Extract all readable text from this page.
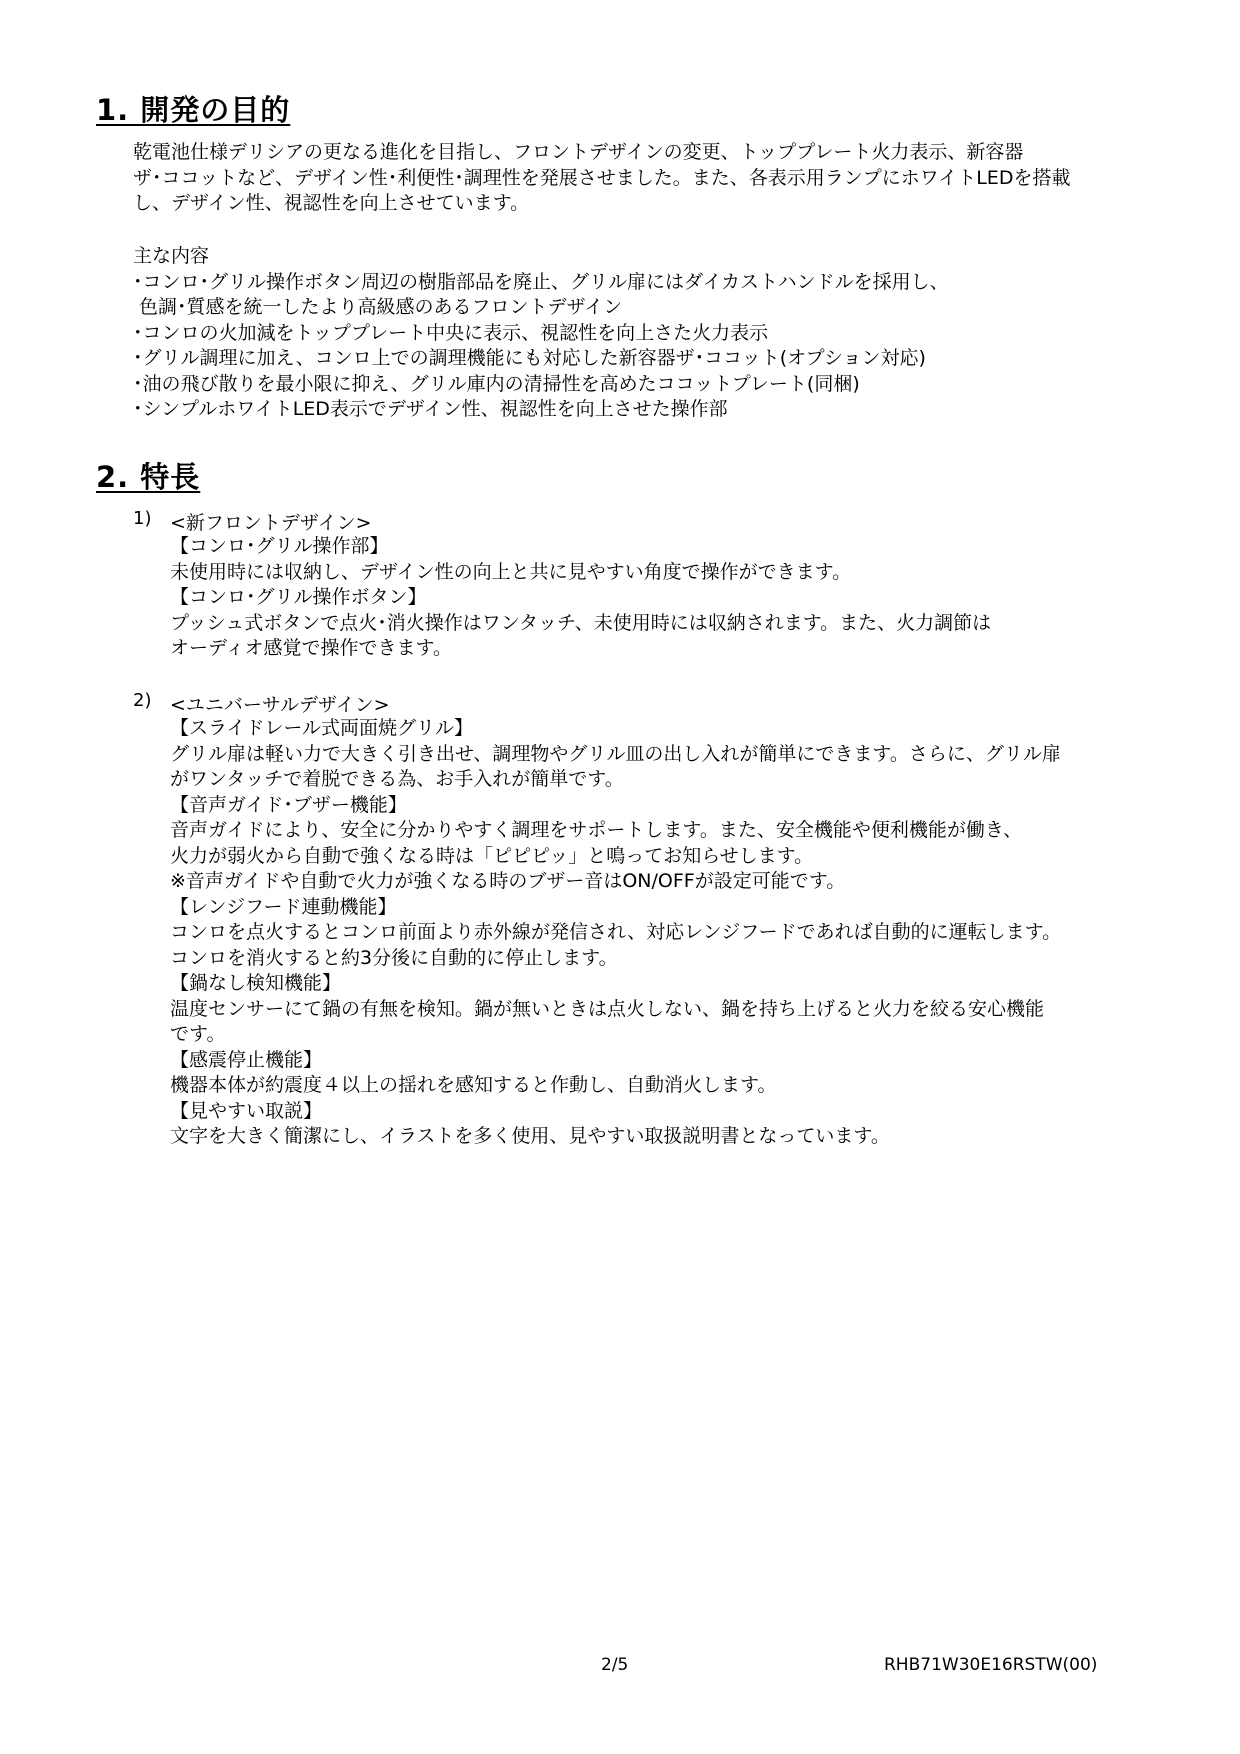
1. 開発の目的
乾電池仕様デリシアの更なる進化を目指し、フロントデザインの変更、トッププレート火力表示、新容器
ザ･ココットなど、デザイン性･利便性･調理性を発展させました。また、各表示用ランプにホワイトLEDを搭載
し、デザイン性、視認性を向上させています。
主な内容
･コンロ･グリル操作ボタン周辺の樹脂部品を廃止、グリル扉にはダイカストハンドルを採用し、
色調･質感を統一したより高級感のあるフロントデザイン
･コンロの火加減をトッププレート中央に表示、視認性を向上さた火力表示
･グリル調理に加え、コンロ上での調理機能にも対応した新容器ザ･ココット(オプション対応)
･油の飛び散りを最小限に抑え、グリル庫内の清掃性を高めたココットプレート(同梱)
･シンプルホワイトLED表示でデザイン性、視認性を向上させた操作部
2. 特長
1) <新フロントデザイン>
【コンロ･グリル操作部】
未使用時には収納し、デザイン性の向上と共に見やすい角度で操作ができます。
【コンロ･グリル操作ボタン】
プッシュ式ボタンで点火･消火操作はワンタッチ、未使用時には収納されます。また、火力調節は
オーディオ感覚で操作できます。
2) <ユニバーサルデザイン>
【スライドレール式両面焼グリル】
グリル扉は軽い力で大きく引き出せ、調理物やグリル皿の出し入れが簡単にできます。さらに、グリル扉
がワンタッチで着脱できる為、お手入れが簡単です。
【音声ガイド･ブザー機能】
音声ガイドにより、安全に分かりやすく調理をサポートします。また、安全機能や便利機能が働き、
火力が弱火から自動で強くなる時は「ピピピッ」と鳴ってお知らせします。
※音声ガイドや自動で火力が強くなる時のブザー音はON/OFFが設定可能です。
【レンジフード連動機能】
コンロを点火するとコンロ前面より赤外線が発信され、対応レンジフードであれば自動的に運転します。
コンロを消火すると約3分後に自動的に停止します。
【鍋なし検知機能】
温度センサーにて鍋の有無を検知。鍋が無いときは点火しない、鍋を持ち上げると火力を絞る安心機能
です。
【感震停止機能】
機器本体が約震度４以上の揺れを感知すると作動し、自動消火します。
【見やすい取説】
文字を大きく簡潔にし、イラストを多く使用、見やすい取扱説明書となっています。
2/5	RHB71W30E16RSTW(00)
